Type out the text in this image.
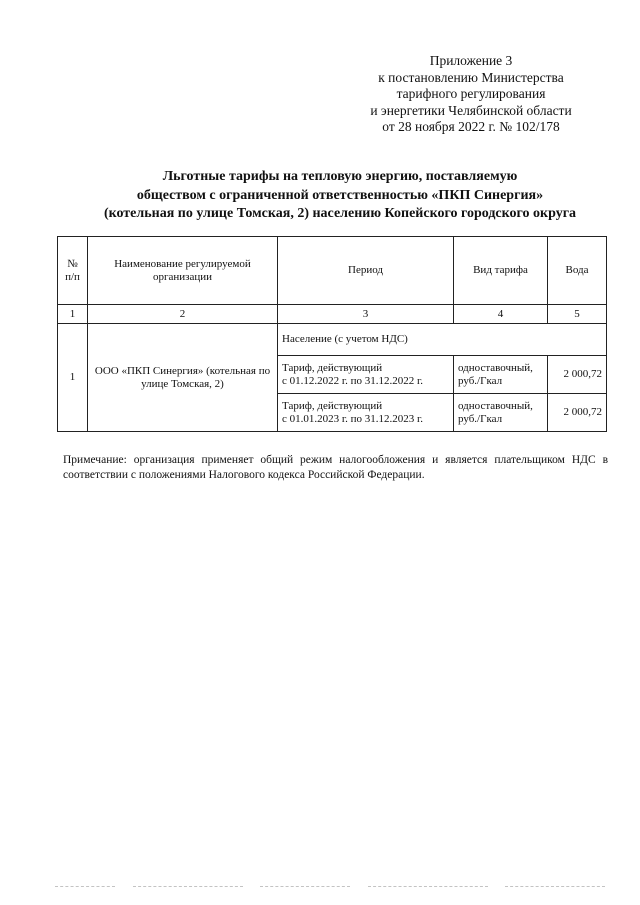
Приложение 3
к постановлению Министерства
тарифного регулирования
и энергетики Челябинской области
от 28 ноября 2022 г. № 102/178
Льготные тарифы на тепловую энергию, поставляемую
обществом с ограниченной ответственностью «ПКП Синергия»
(котельная по улице Томская, 2) населению Копейского городского округа
№ п/п	Наименование регулируемой организации	Период	Вид тарифа	Вода
1	2	3	4	5
1	ООО «ПКП Синергия» (котельная по улице Томская, 2)	Население (с учетом НДС)		

		Тариф, действующий
с 01.12.2022 г. по 31.12.2022 г.	одноставочный, руб./Гкал	2 000,72

		Тариф, действующий
с 01.01.2023 г. по 31.12.2023 г.	одноставочный, руб./Гкал	2 000,72
Примечание: организация применяет общий режим налогообложения и является плательщиком НДС в соответствии с положениями Налогового кодекса Российской Федерации.
